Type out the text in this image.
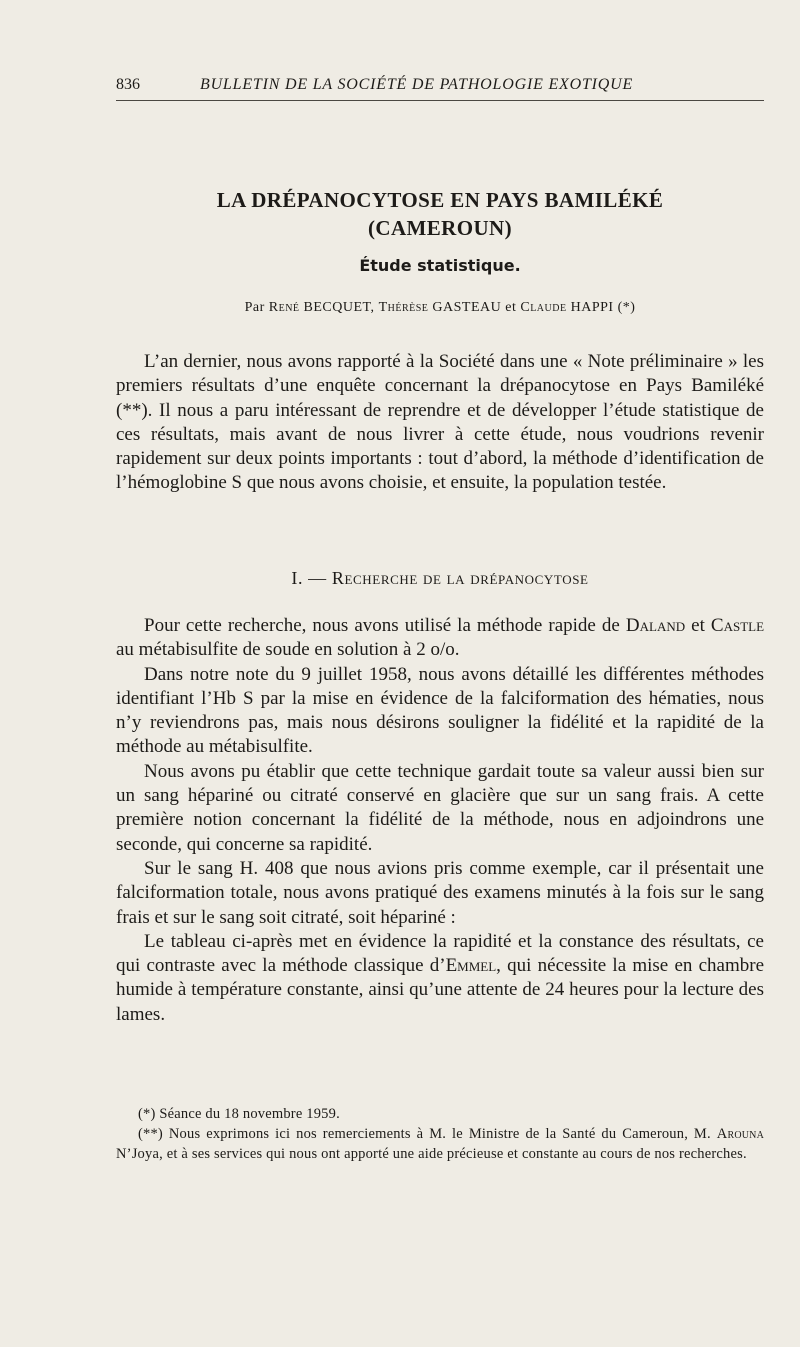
836	BULLETIN DE LA SOCIÉTÉ DE PATHOLOGIE EXOTIQUE
LA DRÉPANOCYTOSE EN PAYS BAMILÉKÉ
(CAMEROUN)
Étude statistique.
Par René BECQUET, Thérèse GASTEAU et Claude HAPPI (*)

L’an dernier, nous avons rapporté à la Société dans une « Note préliminaire » les premiers résultats d’une enquête concernant la drépanocytose en Pays Bamiléké (**). Il nous a paru intéressant de reprendre et de développer l’étude statistique de ces résultats, mais avant de nous livrer à cette étude, nous voudrions revenir rapidement sur deux points importants : tout d’abord, la méthode d’identification de l’hémoglobine S que nous avons choisie, et ensuite, la population testée.

I. — Recherche de la drépanocytose

Pour cette recherche, nous avons utilisé la méthode rapide de Daland et Castle au métabisulfite de soude en solution à 2 o/o.

Dans notre note du 9 juillet 1958, nous avons détaillé les différentes méthodes identifiant l’Hb S par la mise en évidence de la falciformation des hématies, nous n’y reviendrons pas, mais nous désirons souligner la fidélité et la rapidité de la méthode au métabisulfite.

Nous avons pu établir que cette technique gardait toute sa valeur aussi bien sur un sang hépariné ou citraté conservé en glacière que sur un sang frais. A cette première notion concernant la fidélité de la méthode, nous en adjoindrons une seconde, qui concerne sa rapidité.

Sur le sang H. 408 que nous avions pris comme exemple, car il présentait une falciformation totale, nous avons pratiqué des examens minutés à la fois sur le sang frais et sur le sang soit citraté, soit hépariné :

Le tableau ci-après met en évidence la rapidité et la constance des résultats, ce qui contraste avec la méthode classique d’Emmel, qui nécessite la mise en chambre humide à température constante, ainsi qu’une attente de 24 heures pour la lecture des lames.

(*) Séance du 18 novembre 1959.

(**) Nous exprimons ici nos remerciements à M. le Ministre de la Santé du Cameroun, M. Arouna N’Joya, et à ses services qui nous ont apporté une aide précieuse et constante au cours de nos recherches.
